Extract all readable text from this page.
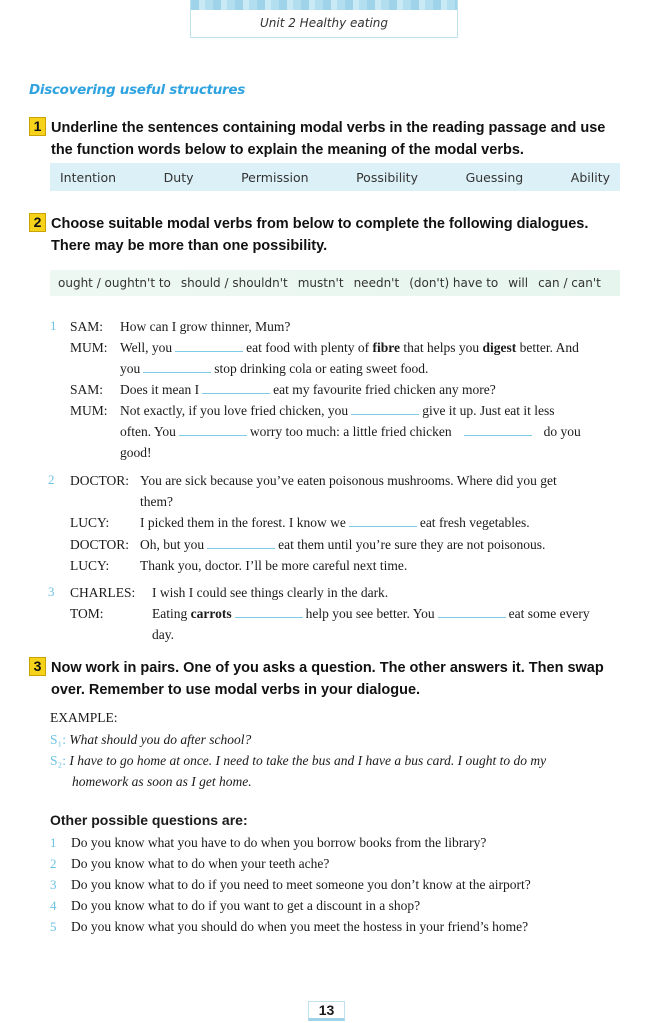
Unit 2 Healthy eating
Discovering useful structures
1 Underline the sentences containing modal verbs in the reading passage and use
the function words below to explain the meaning of the modal verbs.
Intention	Duty	Permission	Possibility	Guessing	Ability
2 Choose suitable modal verbs from below to complete the following dialogues.
There may be more than one possibility.
ought / oughtn't to should / shouldn't mustn't needn't (don't) have to will can / can't
1 SAM: How can I grow thinner, Mum?
MUM: Well, you	eat food with plenty of fibre that helps you digest better. And
you	stop drinking cola or eating sweet food.
SAM: Does it mean I	eat my favourite fried chicken any more?
MUM: Not exactly, if you love fried chicken, you	give it up. Just eat it less
often. You	worry too much: a little fried chicken	do you
good!
2 DOCTOR: You are sick because you’ve eaten poisonous mushrooms. Where did you get
them?
LUCY: I picked them in the forest. I know we	eat fresh vegetables.
DOCTOR: Oh, but you	eat them until you’re sure they are not poisonous.
LUCY: Thank you, doctor. I’ll be more careful next time.
3 CHARLES: I wish I could see things clearly in the dark.
TOM:	Eating carrots	help you see better. You	eat some every
day.
3 Now work in pairs. One of you asks a question. The other answers it. Then swap
over. Remember to use modal verbs in your dialogue.
EXAMPLE:
S₁: What should you do after school?
S₂: I have to go home at once. I need to take the bus and I have a bus card. I ought to do my
homework as soon as I get home.
Other possible questions are:
1 Do you know what you have to do when you borrow books from the library?
2 Do you know what to do when your teeth ache?
3 Do you know what to do if you need to meet someone you don’t know at the airport?
4 Do you know what to do if you want to get a discount in a shop?
5 Do you know what you should do when you meet the hostess in your friend’s home?
13
